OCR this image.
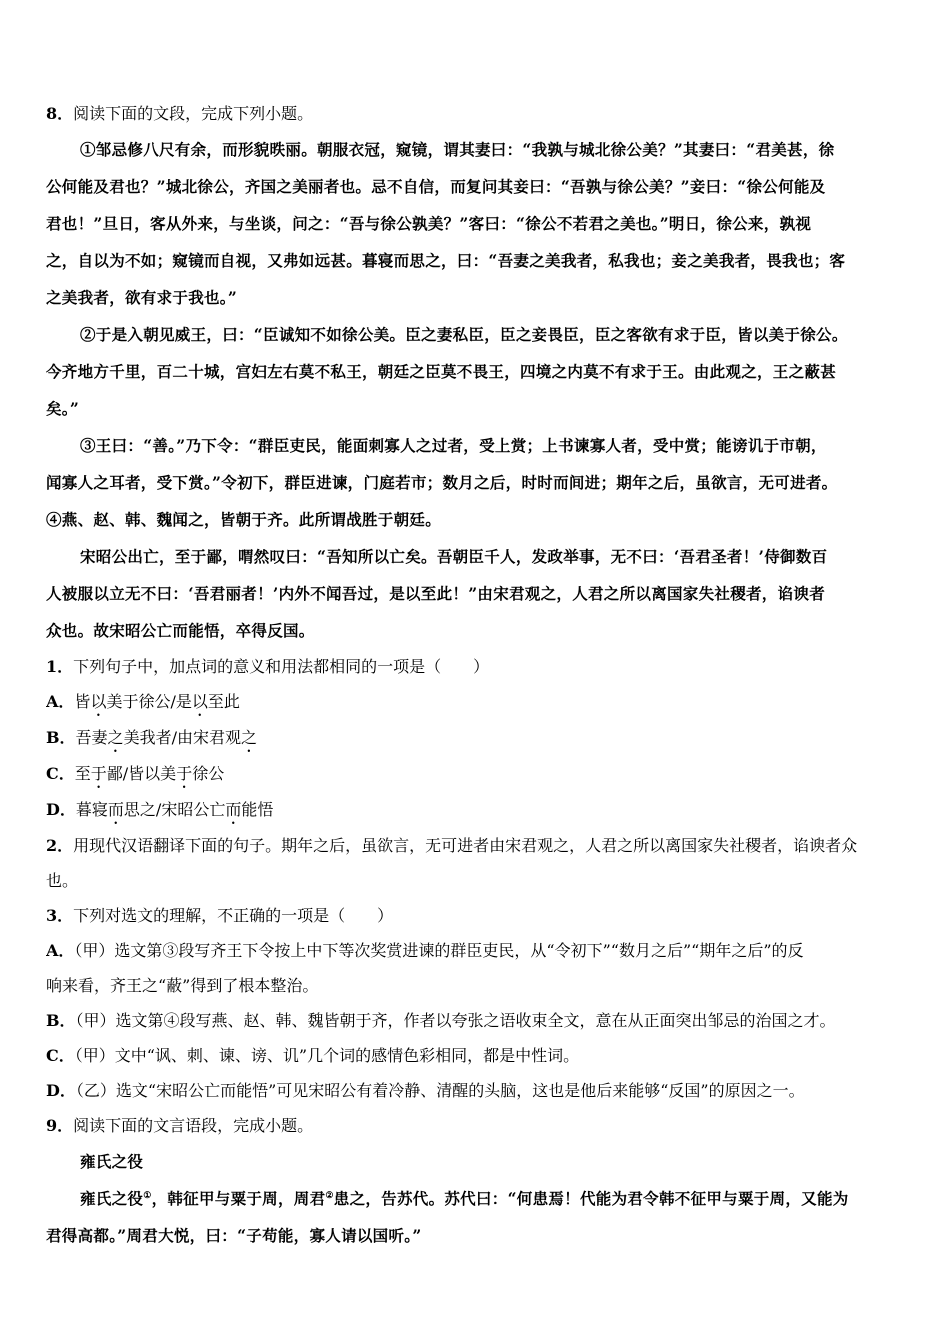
8．阅读下面的文段，完成下列小题。
①邹忌修八尺有余，而形貌昳丽。朝服衣冠，窥镜，谓其妻曰：“我孰与城北徐公美？”其妻曰：“君美甚，徐
公何能及君也？”城北徐公，齐国之美丽者也。忌不自信，而复问其妾曰：“吾孰与徐公美？”妾曰：“徐公何能及
君也！”旦日，客从外来，与坐谈，问之：“吾与徐公孰美？”客曰：“徐公不若君之美也。”明日，徐公来，孰视
之，自以为不如；窥镜而自视，又弗如远甚。暮寝而思之，曰：“吾妻之美我者，私我也；妾之美我者，畏我也；客
之美我者，欲有求于我也。”
②于是入朝见威王，曰：“臣诚知不如徐公美。臣之妻私臣，臣之妾畏臣，臣之客欲有求于臣，皆以美于徐公。
今齐地方千里，百二十城，宫妇左右莫不私王，朝廷之臣莫不畏王，四境之内莫不有求于王。由此观之，王之蔽甚
矣。”
③王曰：“善。”乃下令：“群臣吏民，能面刺寡人之过者，受上赏；上书谏寡人者，受中赏；能谤讥于市朝，
闻寡人之耳者，受下赏。”令初下，群臣进谏，门庭若市；数月之后，时时而间进；期年之后，虽欲言，无可进者。
④燕、赵、韩、魏闻之，皆朝于齐。此所谓战胜于朝廷。
宋昭公出亡，至于鄙，喟然叹曰：“吾知所以亡矣。吾朝臣千人，发政举事，无不曰：‘吾君圣者！’侍御数百
人被服以立无不曰：‘吾君丽者！’内外不闻吾过，是以至此！”由宋君观之，人君之所以离国家失社稷者，谄谀者
众也。故宋昭公亡而能悟，卒得反国。
1．下列句子中，加点词的意义和用法都相同的一项是（　　）
A．皆以美于徐公/是以至此
B．吾妻之美我者/由宋君观之
C．至于鄙/皆以美于徐公
D．暮寝而思之/宋昭公亡而能悟
2．用现代汉语翻译下面的句子。期年之后，虽欲言，无可进者由宋君观之，人君之所以离国家失社稷者，谄谀者众
也。
3．下列对选文的理解，不正确的一项是（　　）
A．（甲）选文第③段写齐王下令按上中下等次奖赏进谏的群臣吏民，从“令初下”“数月之后”“期年之后”的反
响来看，齐王之“蔽”得到了根本整治。
B．（甲）选文第④段写燕、赵、韩、魏皆朝于齐，作者以夸张之语收束全文，意在从正面突出邹忌的治国之才。
C．（甲）文中“讽、刺、谏、谤、讥”几个词的感情色彩相同，都是中性词。
D．（乙）选文“宋昭公亡而能悟”可见宋昭公有着冷静、清醒的头脑，这也是他后来能够“反国”的原因之一。
9．阅读下面的文言语段，完成小题。
雍氏之役
雍氏之役①，韩征甲与粟于周，周君②患之，告苏代。苏代曰：“何患焉！代能为君令韩不征甲与粟于周，又能为
君得高都。”周君大悦，曰：“子苟能，寡人请以国听。”
